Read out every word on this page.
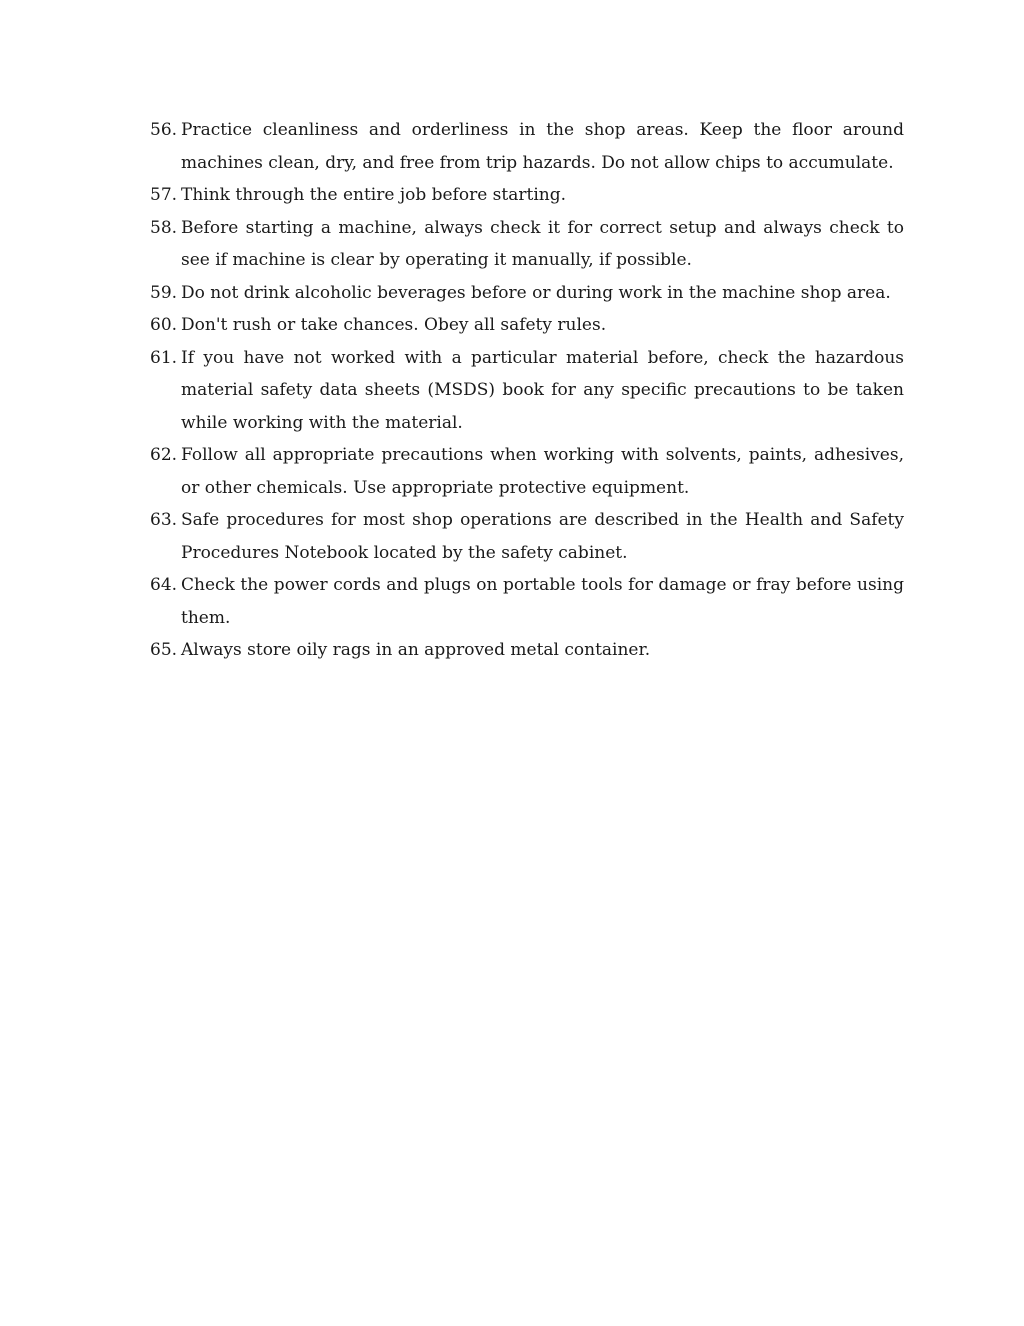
56. Practice cleanliness and orderliness in the shop areas. Keep the floor around machines clean, dry, and free from trip hazards. Do not allow chips to accumulate.
57. Think through the entire job before starting.
58. Before starting a machine, always check it for correct setup and always check to see if machine is clear by operating it manually, if possible.
59. Do not drink alcoholic beverages before or during work in the machine shop area.
60. Don't rush or take chances. Obey all safety rules.
61. If you have not worked with a particular material before, check the hazardous material safety data sheets (MSDS) book for any specific precautions to be taken while working with the material.
62. Follow all appropriate precautions when working with solvents, paints, adhesives, or other chemicals. Use appropriate protective equipment.
63. Safe procedures for most shop operations are described in the Health and Safety Procedures Notebook located by the safety cabinet.
64. Check the power cords and plugs on portable tools for damage or fray before using them.
65. Always store oily rags in an approved metal container.
